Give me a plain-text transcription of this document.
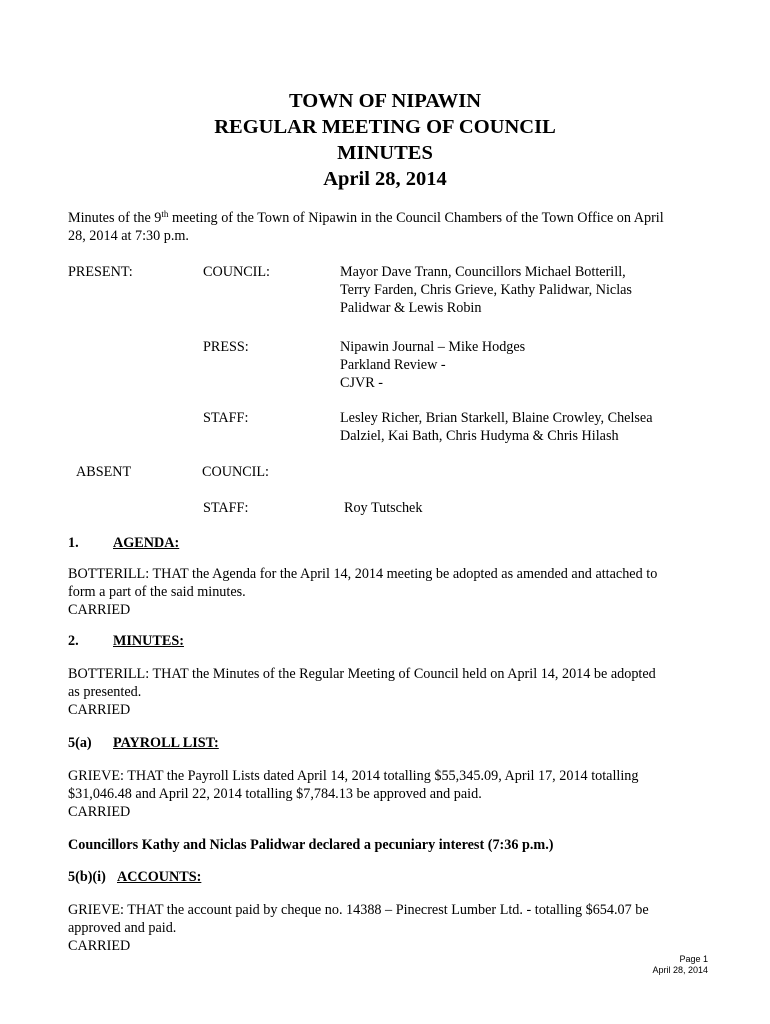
TOWN OF NIPAWIN
REGULAR MEETING OF COUNCIL
MINUTES
April 28, 2014

Minutes of the 9th meeting of the Town of Nipawin in the Council Chambers of the Town Office on April

28, 2014 at 7:30 p.m.

PRESENT:	COUNCIL:	Mayor Dave Trann, Councillors Michael Botterill,
Terry Farden, Chris Grieve, Kathy Palidwar, Niclas
Palidwar & Lewis Robin
PRESS:	Nipawin Journal – Mike Hodges
Parkland Review -
CJVR -
STAFF:	Lesley Richer, Brian Starkell, Blaine Crowley, Chelsea
Dalziel, Kai Bath, Chris Hudyma & Chris Hilash
ABSENT	COUNCIL:
STAFF:	Roy Tutschek
1. AGENDA:

BOTTERILL: THAT the Agenda for the April 14, 2014 meeting be adopted as amended and attached to

form a part of the said minutes.

CARRIED

2. MINUTES:

BOTTERILL: THAT the Minutes of the Regular Meeting of Council held on April 14, 2014 be adopted

as presented.

CARRIED

5(a) PAYROLL LIST:

GRIEVE: THAT the Payroll Lists dated April 14, 2014 totalling $55,345.09, April 17, 2014 totalling

$31,046.48 and April 22, 2014 totalling $7,784.13 be approved and paid.

CARRIED

Councillors Kathy and Niclas Palidwar declared a pecuniary interest (7:36 p.m.)
5(b)(i) ACCOUNTS:

GRIEVE: THAT the account paid by cheque no. 14388 – Pinecrest Lumber Ltd. - totalling $654.07 be

approved and paid.

CARRIED

Page 1
April 28, 2014
